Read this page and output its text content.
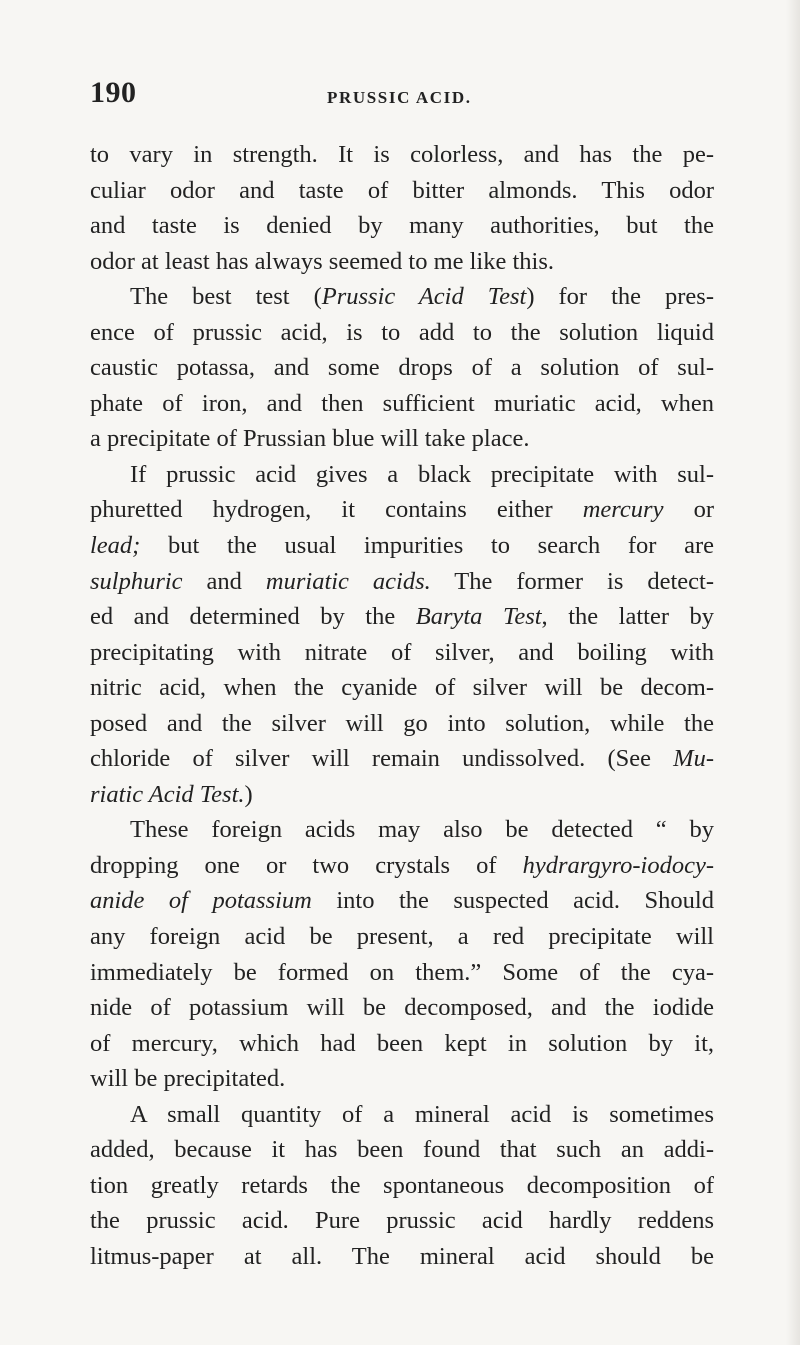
190	PRUSSIC ACID.
to vary in strength. It is colorless, and has the pe-
culiar odor and taste of bitter almonds. This odor
and taste is denied by many authorities, but the
odor at least has always seemed to me like this.
The best test (Prussic Acid Test) for the pres-
ence of prussic acid, is to add to the solution liquid
caustic potassa, and some drops of a solution of sul-
phate of iron, and then sufficient muriatic acid, when
a precipitate of Prussian blue will take place.
If prussic acid gives a black precipitate with sul-
phuretted hydrogen, it contains either mercury or
lead; but the usual impurities to search for are
sulphuric and muriatic acids. The former is detect-
ed and determined by the Baryta Test, the latter by
precipitating with nitrate of silver, and boiling with
nitric acid, when the cyanide of silver will be decom-
posed and the silver will go into solution, while the
chloride of silver will remain undissolved. (See Mu-
riatic Acid Test.)
These foreign acids may also be detected “ by
dropping one or two crystals of hydrargyro-iodocy-
anide of potassium into the suspected acid. Should
any foreign acid be present, a red precipitate will
immediately be formed on them.” Some of the cya-
nide of potassium will be decomposed, and the iodide
of mercury, which had been kept in solution by it,
will be precipitated.
A small quantity of a mineral acid is sometimes
added, because it has been found that such an addi-
tion greatly retards the spontaneous decomposition of
the prussic acid. Pure prussic acid hardly reddens
litmus-paper at all. The mineral acid should be
